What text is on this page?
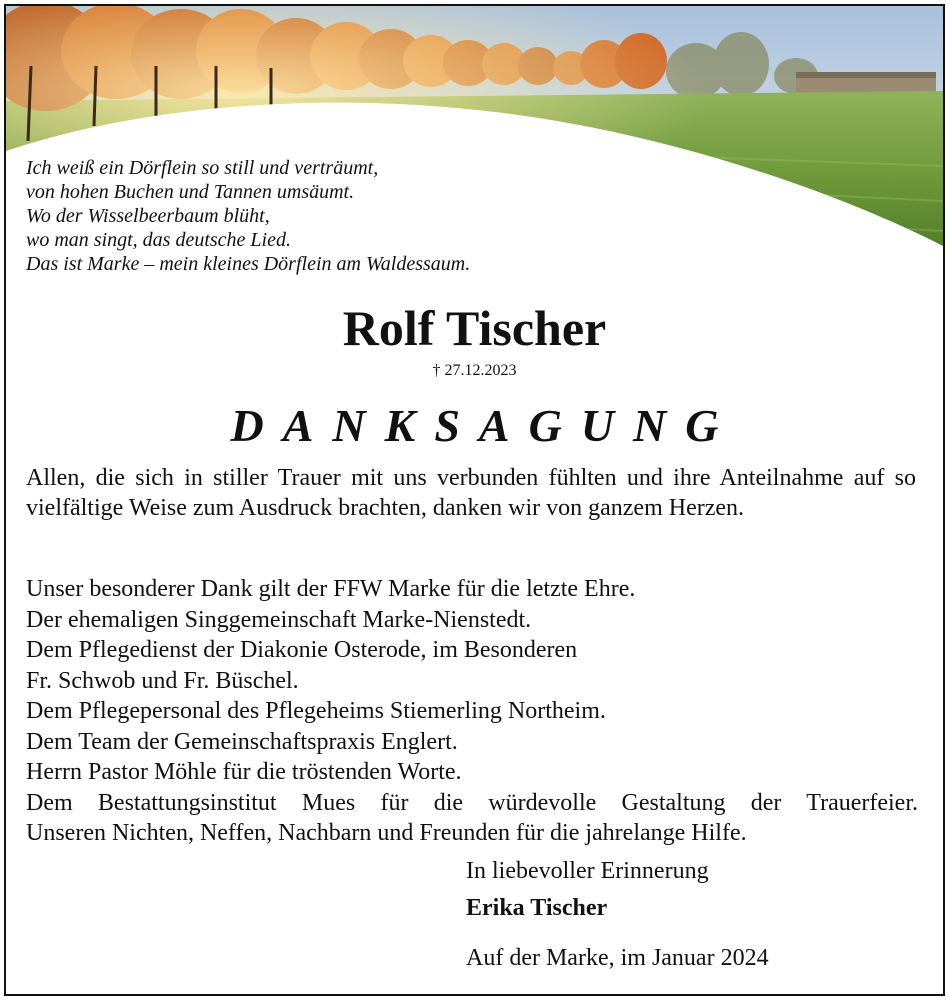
Ich weiß ein Dörflein so still und verträumt,
von hohen Buchen und Tannen umsäumt.
Wo der Wisselbeerbaum blüht,
wo man singt, das deutsche Lied.
Das ist Marke – mein kleines Dörflein am Waldessaum.
Rolf Tischer
† 27.12.2023
DANKSAGUNG
Allen, die sich in stiller Trauer mit uns verbunden fühlten und ihre Anteilnahme auf so vielfältige Weise zum Ausdruck brachten, danken wir von ganzem Herzen.
Unser besonderer Dank gilt der FFW Marke für die letzte Ehre.
Der ehemaligen Singgemeinschaft Marke-Nienstedt.
Dem Pflegedienst der Diakonie Osterode, im Besonderen
Fr. Schwob und Fr. Büschel.
Dem Pflegepersonal des Pflegeheims Stiemerling Northeim.
Dem Team der Gemeinschaftspraxis Englert.
Herrn Pastor Möhle für die tröstenden Worte.
Dem Bestattungsinstitut Mues für die würdevolle Gestaltung der Trauerfeier.
Unseren Nichten, Neffen, Nachbarn und Freunden für die jahrelange Hilfe.
In liebevoller Erinnerung
Erika Tischer
Auf der Marke, im Januar 2024
